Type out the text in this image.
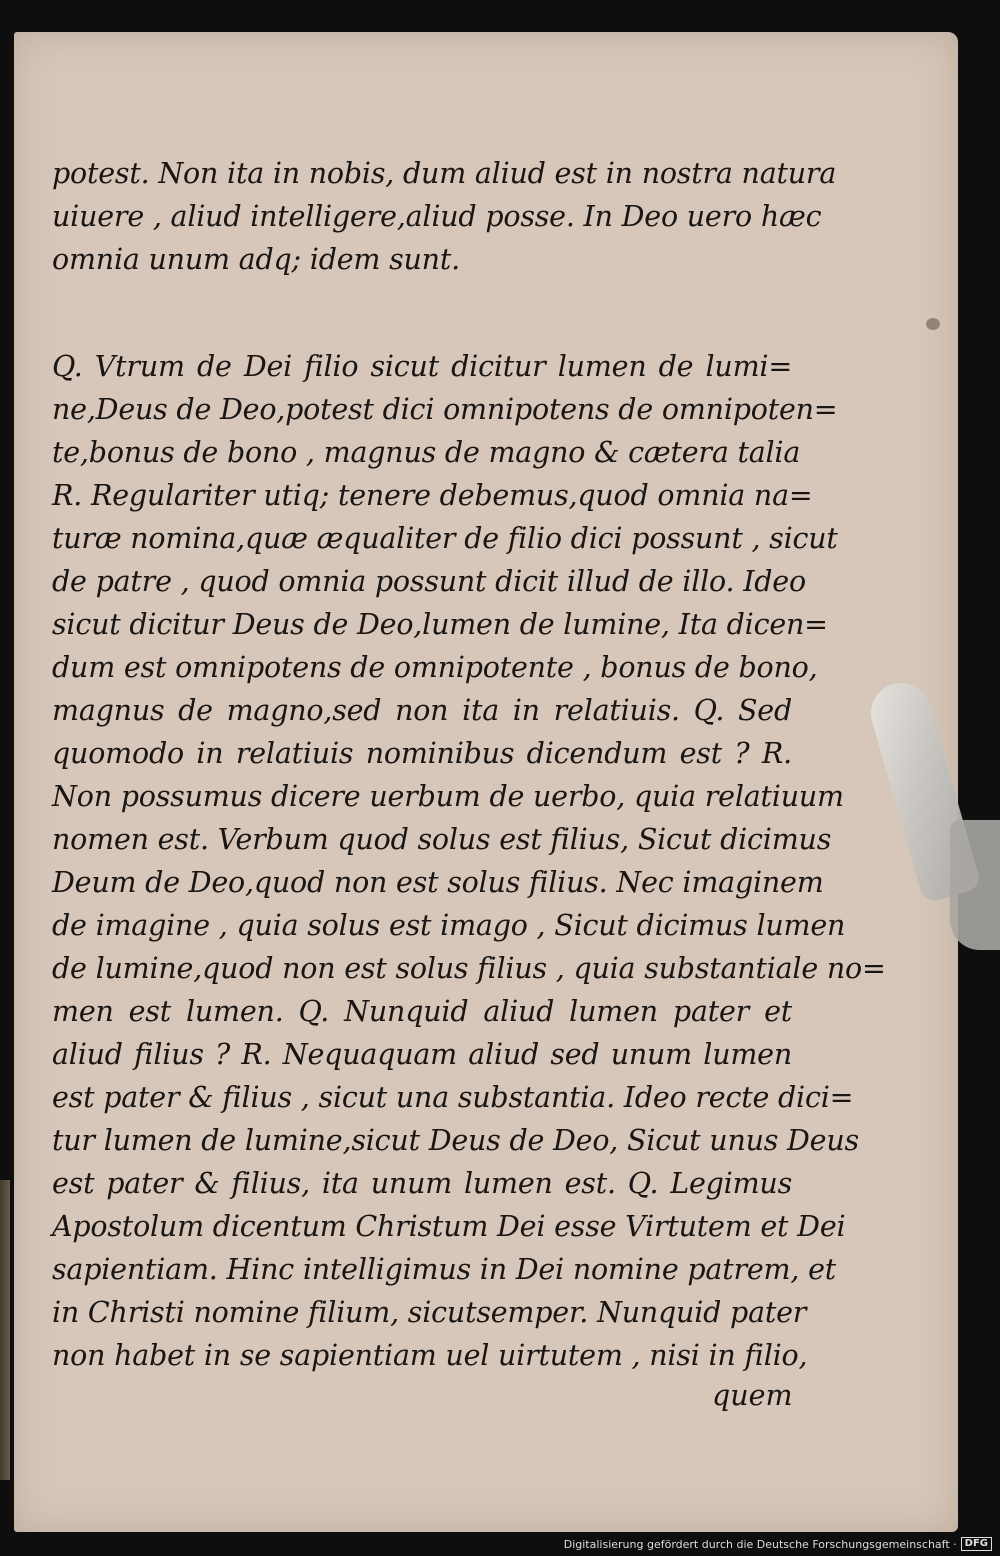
potest. Non ita in nobis, dum aliud est in nostra natura
uiuere , aliud intelligere,aliud posse. In Deo uero hæc
omnia unum adq; idem sunt.
Q. Vtrum de Dei filio sicut dicitur lumen de lumi=
ne,Deus de Deo,potest dici omnipotens de omnipoten=
te,bonus de bono , magnus de magno & cætera talia
R. Regulariter utiq; tenere debemus,quod omnia na=
turæ nomina,quæ æqualiter de filio dici possunt , sicut
de patre , quod omnia possunt dicit illud de illo. Ideo
sicut dicitur Deus de Deo,lumen de lumine, Ita dicen=
dum est omnipotens de omnipotente , bonus de bono,
magnus de magno,sed non ita in relatiuis. Q. Sed
quomodo in relatiuis nominibus dicendum est ? R.
Non possumus dicere uerbum de uerbo, quia relatiuum
nomen est. Verbum quod solus est filius, Sicut dicimus
Deum de Deo,quod non est solus filius. Nec imaginem
de imagine , quia solus est imago , Sicut dicimus lumen
de lumine,quod non est solus filius , quia substantiale no=
men est lumen. Q. Nunquid aliud lumen pater et
aliud filius ? R. Nequaquam aliud sed unum lumen
est pater & filius , sicut una substantia. Ideo recte dici=
tur lumen de lumine,sicut Deus de Deo, Sicut unus Deus
est pater & filius, ita unum lumen est. Q. Legimus
Apostolum dicentum Christum Dei esse Virtutem et Dei
sapientiam. Hinc intelligimus in Dei nomine patrem, et
in Christi nomine filium, sicutsemper. Nunquid pater
non habet in se sapientiam uel uirtutem , nisi in filio,
quem
Digitalisierung gefördert durch die Deutsche Forschungsgemeinschaft · DFG
